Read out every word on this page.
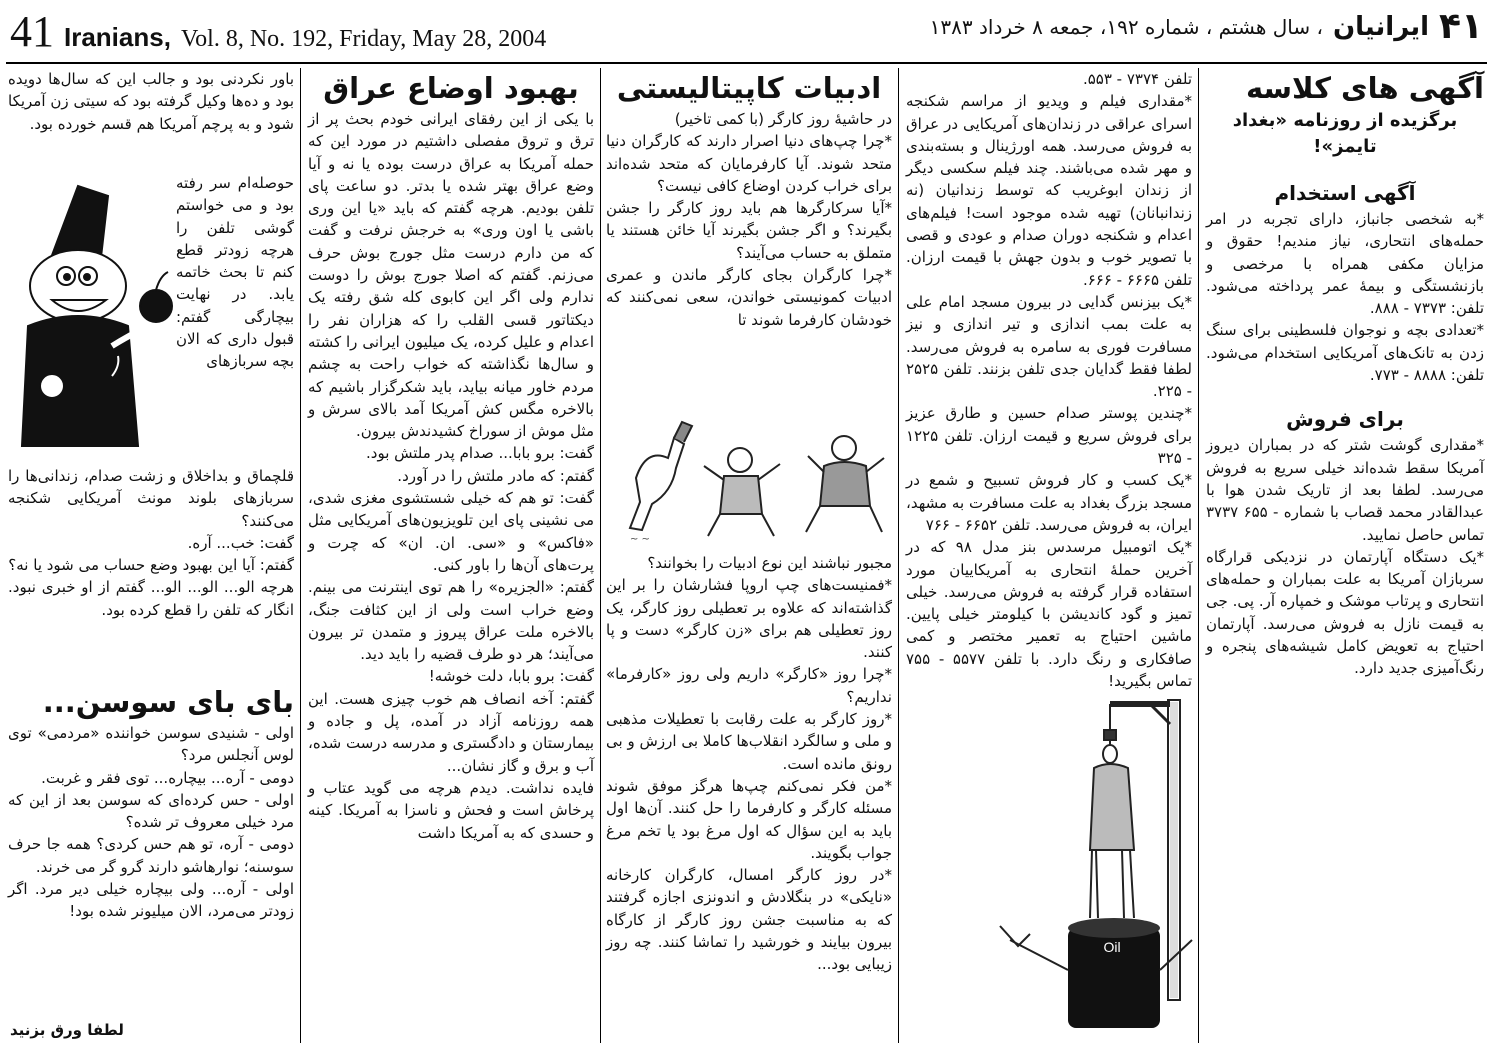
41 Iranians, Vol. 8, No. 192, Friday, May 28, 2004	۴۱
ایرانیان
، سال هشتم ، شماره ۱۹۲، جمعه ۸ خرداد ۱۳۸۳
آگهی های کلاسه

برگزیده از روزنامه «بغداد تایمز»!

آگهی استخدام

*به شخصی جانباز، دارای تجربه در امر حمله‌های انتحاری، نیاز مندیم! حقوق و مزایان مکفی همراه با مرخصی و بازنشستگی و بیمهٔ عمر پرداخته می‌شود. تلفن: ۷۳۷۳ - ۸۸۸.

*تعدادی بچه و نوجوان فلسطینی برای سنگ زدن به تانک‌های آمریکایی استخدام می‌شود. تلفن: ۸۸۸۸ - ۷۷۳.

برای فروش

*مقداری گوشت شتر که در بمباران دیروز آمریکا سقط شده‌اند خیلی سریع به فروش می‌رسد. لطفا بعد از تاریک شدن هوا با عبدالقادر محمد قصاب با شماره - ۶۵۵ ۳۷۳۷ تماس حاصل نمایید.

*یک دستگاه آپارتمان در نزدیکی قرارگاه سربازان آمریکا به علت بمباران و حمله‌های انتحاری و پرتاب موشک و خمپاره آر. پی. جی به قیمت نازل به فروش می‌رسد. آپارتمان احتیاج به تعویض کامل شیشه‌های پنجره و رنگ‌آمیزی جدید دارد.

تلفن ۷۳۷۴ - ۵۵۳.

*مقداری فیلم و ویدیو از مراسم شکنجه اسرای عراقی در زندان‌های آمریکایی در عراق به فروش می‌رسد. همه اورژینال و بسته‌بندی و مهر شده می‌باشند. چند فیلم سکسی دیگر از زندان ابوغریب که توسط زندانیان (نه زندانبانان) تهیه شده موجود است! فیلم‌های اعدام و شکنجه دوران صدام و عودی و قصی با تصویر خوب و بدون جهش با قیمت ارزان. تلفن ۶۶۶۵ - ۶۶۶.

*یک بیزنس گدایی در بیرون مسجد امام علی به علت بمب اندازی و تیر اندازی و نیز مسافرت فوری به سامره به فروش می‌رسد. لطفا فقط گدایان جدی تلفن بزنند. تلفن ۲۵۲۵ - ۲۲۵.

*چندین پوستر صدام حسین و طارق عزیز برای فروش سریع و قیمت ارزان. تلفن ۱۲۲۵ - ۳۲۵

*یک کسب و کار فروش تسبیح و شمع در مسجد بزرگ بغداد به علت مسافرت به مشهد، ایران، به فروش می‌رسد. تلفن ۶۶۵۲ - ۷۶۶

*یک اتومبیل مرسدس بنز مدل ۹۸ که در آخرین حملهٔ انتحاری به آمریکاییان مورد استفاده قرار گرفته به فروش می‌رسد. خیلی تمیز و گود کاندیشن با کیلومتر خیلی پایین. ماشین احتیاج به تعمیر مختصر و کمی صافکاری و رنگ دارد. با تلفن ۵۵۷۷ - ۷۵۵ تماس بگیرید!

Oil
ادبیات کاپیتالیستی

در حاشیهٔ روز کارگر (با کمی تاخیر)

*چرا چپ‌های دنیا اصرار دارند که کارگران دنیا متحد شوند. آیا کارفرمایان که متحد شده‌اند برای خراب کردن اوضاع کافی نیست؟

*آیا سرکارگرها هم باید روز کارگر را جشن بگیرند؟ و اگر جشن بگیرند آیا خائن هستند یا متملق به حساب می‌آیند؟

*چرا کارگران بجای کارگر ماندن و عمری ادبیات کمونیستی خواندن، سعی نمی‌کنند که خودشان کارفرما شوند تا

~ ~

مجبور نباشند این نوع ادبیات را بخوانند؟

*فمنیست‌های چپ اروپا فشارشان را بر این گذاشته‌اند که علاوه بر تعطیلی روز کارگر، یک روز تعطیلی هم برای «زن کارگر» دست و پا کنند.

*چرا روز «کارگر» داریم ولی روز «کارفرما» نداریم؟

*روز کارگر به علت رقابت با تعطیلات مذهبی و ملی و سالگرد انقلاب‌ها کاملا بی ارزش و بی رونق مانده است.

*من فکر نمی‌کنم چپ‌ها هرگز موفق شوند مسئله کارگر و کارفرما را حل کنند. آن‌ها اول باید به این سؤال که اول مرغ بود یا تخم مرغ جواب بگویند.

*در روز کارگر امسال، کارگران کارخانه «نایکی» در بنگلادش و اندونزی اجازه گرفتند که به مناسبت جشن روز کارگر از کارگاه بیرون بیایند و خورشید را تماشا کنند. چه روز زیبایی بود...

بهبود اوضاع عراق

با یکی از این رفقای ایرانی خودم بحث پر از ترق و تروق مفصلی داشتیم در مورد این که حمله آمریکا به عراق درست بوده یا نه و آیا وضع عراق بهتر شده یا بدتر. دو ساعت پای تلفن بودیم. هرچه گفتم که باید «یا این وری باشی یا اون وری» به خرجش نرفت و گفت که من دارم درست مثل جورج بوش حرف می‌زنم. گفتم که اصلا جورج بوش را دوست ندارم ولی اگر این کابوی کله شق رفته یک دیکتاتور قسی القلب را که هزاران نفر را اعدام و علیل کرده، یک میلیون ایرانی را کشته و سال‌ها نگذاشته که خواب راحت به چشم مردم خاور میانه بیاید، باید شکرگزار باشیم که بالاخره مگس کش آمریکا آمد بالای سرش و مثل موش از سوراخ کشیدندش بیرون.

گفت: برو بابا... صدام پدر ملتش بود.

گفتم: که مادر ملتش را در آورد.

گفت: تو هم که خیلی شستشوی مغزی شدی، می نشینی پای این تلویزیون‌های آمریکایی مثل «فاکس» و «سی. ان. ان» که چرت و پرت‌های آن‌ها را باور کنی.

گفتم: «الجزیره» را هم توی اینترنت می بینم. وضع خراب است ولی از این کثافت جنگ، بالاخره ملت عراق پیروز و متمدن تر بیرون می‌آیند؛ هر دو طرف قضیه را باید دید.

گفت: برو بابا، دلت خوشه!

گفتم: آخه انصاف هم خوب چیزی هست. این همه روزنامه آزاد در آمده، پل و جاده و بیمارستان و دادگستری و مدرسه درست شده، آب و برق و گاز نشان...

فایده نداشت. دیدم هرچه می گوید عتاب و پرخاش است و فحش و ناسزا به آمریکا. کینه و حسدی که به آمریکا داشت

باور نکردنی بود و جالب این که سال‌ها دویده بود و ده‌ها وکیل گرفته بود که سیتی زن آمریکا شود و به پرچم آمریکا هم قسم خورده بود.

حوصله‌ام سر رفته بود و می خواستم گوشی تلفن را هرچه زودتر قطع کنم تا بحث خاتمه یابد. در نهایت بیچارگی گفتم: قبول داری که الان بچه سربازهای

قلچماق و بداخلاق و زشت صدام، زندانی‌ها را سربازهای بلوند مونث آمریکایی شکنجه می‌کنند؟

گفت: خب... آره.

گفتم: آیا این بهبود وضع حساب می شود یا نه؟

هرچه الو... الو... الو... گفتم از او خبری نبود. انگار که تلفن را قطع کرده بود.

بای بای سوسن...

اولی - شنیدی سوسن خواننده «مردمی» توی لوس آنجلس مرد؟

دومی - آره... بیچاره... توی فقر و غربت.

اولی - حس کرده‌ای که سوسن بعد از این که مرد خیلی معروف تر شده؟

دومی - آره، تو هم حس کردی؟ همه جا حرف سوسنه؛ نوارهاشو دارند گرو گر می خرند.

اولی - آره... ولی بیچاره خیلی دیر مرد. اگر زودتر می‌مرد، الان میلیونر شده بود!

لطفا ورق بزنید
